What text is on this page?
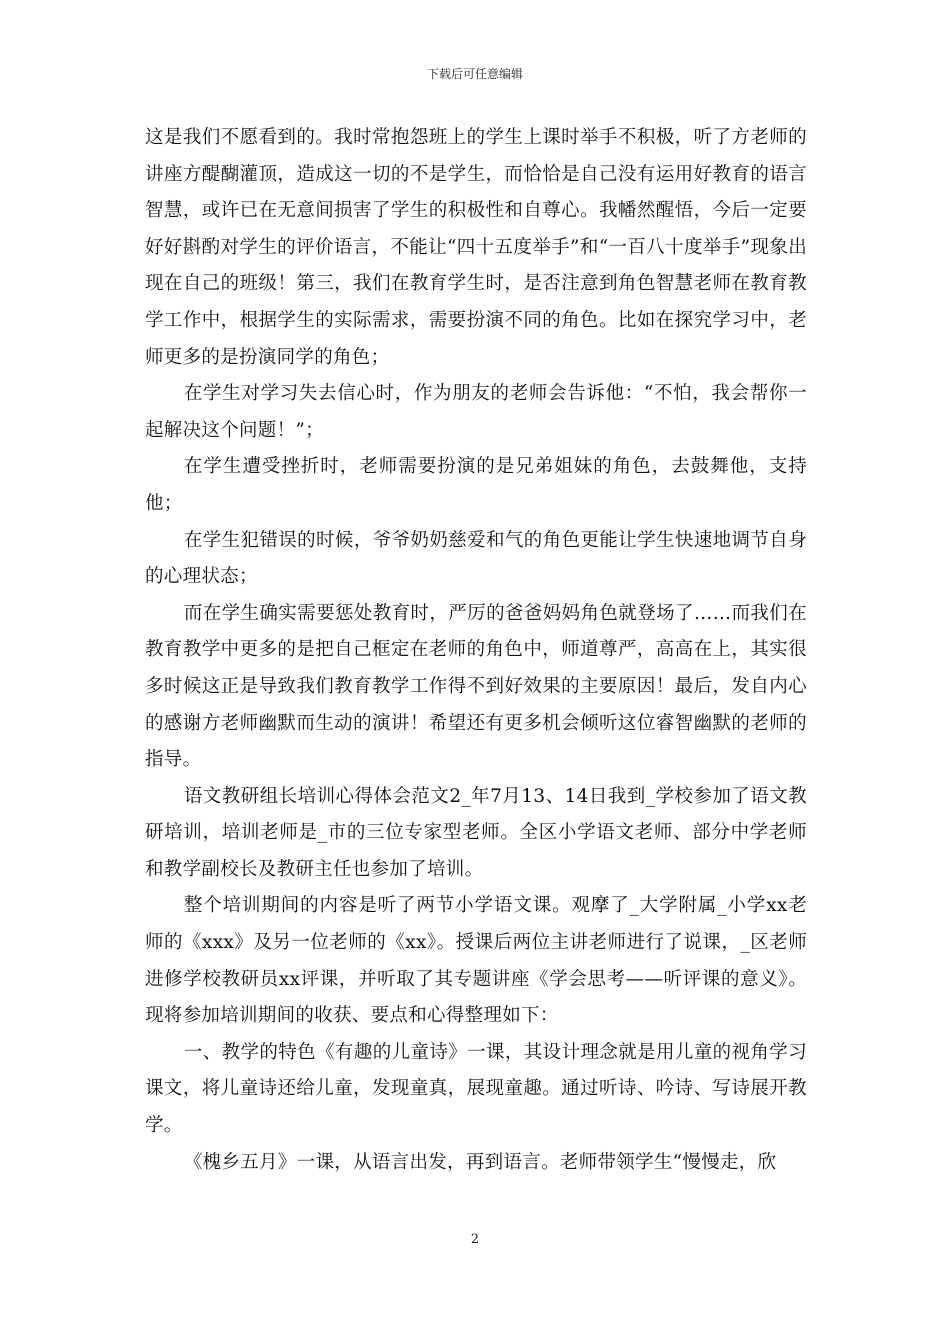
下载后可任意编辑

这是我们不愿看到的。我时常抱怨班上的学生上课时举手不积极，听了方老师的讲座方醍醐灌顶，造成这一切的不是学生，而恰恰是自己没有运用好教育的语言智慧，或许已在无意间损害了学生的积极性和自尊心。我幡然醒悟，今后一定要好好斟酌对学生的评价语言，不能让“四十五度举手”和“一百八十度举手”现象出现在自己的班级！第三，我们在教育学生时，是否注意到角色智慧老师在教育教学工作中，根据学生的实际需求，需要扮演不同的角色。比如在探究学习中，老师更多的是扮演同学的角色；

在学生对学习失去信心时，作为朋友的老师会告诉他：“不怕，我会帮你一起解决这个问题！”；

在学生遭受挫折时，老师需要扮演的是兄弟姐妹的角色，去鼓舞他，支持他；

在学生犯错误的时候，爷爷奶奶慈爱和气的角色更能让学生快速地调节自身的心理状态；

而在学生确实需要惩处教育时，严厉的爸爸妈妈角色就登场了……而我们在教育教学中更多的是把自己框定在老师的角色中，师道尊严，高高在上，其实很多时候这正是导致我们教育教学工作得不到好效果的主要原因！最后，发自内心的感谢方老师幽默而生动的演讲！希望还有更多机会倾听这位睿智幽默的老师的指导。

语文教研组长培训心得体会范文2_年7月13、14日我到_学校参加了语文教研培训，培训老师是_市的三位专家型老师。全区小学语文老师、部分中学老师和教学副校长及教研主任也参加了培训。

整个培训期间的内容是听了两节小学语文课。观摩了_大学附属_小学xx老师的《xxx》及另一位老师的《xx》。授课后两位主讲老师进行了说课，_区老师进修学校教研员xx评课，并听取了其专题讲座《学会思考——听评课的意义》。现将参加培训期间的收获、要点和心得整理如下：

一、教学的特色《有趣的儿童诗》一课，其设计理念就是用儿童的视角学习课文，将儿童诗还给儿童，发现童真，展现童趣。通过听诗、吟诗、写诗展开教学。

《槐乡五月》一课，从语言出发，再到语言。老师带领学生“慢慢走，欣

2
